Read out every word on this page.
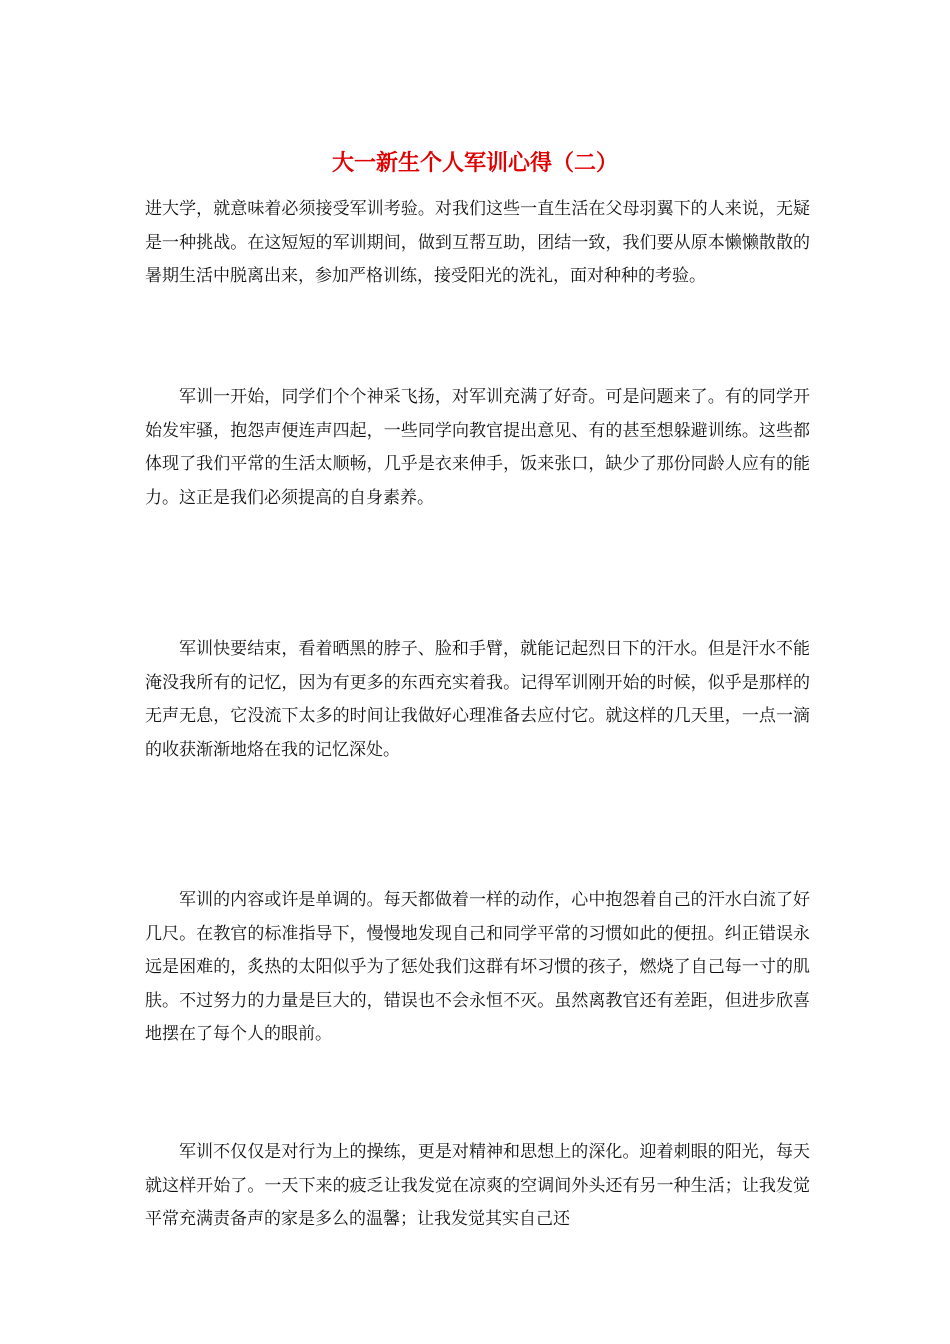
大一新生个人军训心得（二）

进大学，就意味着必须接受军训考验。对我们这些一直生活在父母羽翼下的人来说，无疑是一种挑战。在这短短的军训期间，做到互帮互助，团结一致，我们要从原本懒懒散散的暑期生活中脱离出来，参加严格训练，接受阳光的洗礼，面对种种的考验。

军训一开始，同学们个个神采飞扬，对军训充满了好奇。可是问题来了。有的同学开始发牢骚，抱怨声便连声四起，一些同学向教官提出意见、有的甚至想躲避训练。这些都体现了我们平常的生活太顺畅，几乎是衣来伸手，饭来张口，缺少了那份同龄人应有的能力。这正是我们必须提高的自身素养。

军训快要结束，看着晒黑的脖子、脸和手臂，就能记起烈日下的汗水。但是汗水不能淹没我所有的记忆，因为有更多的东西充实着我。记得军训刚开始的时候，似乎是那样的无声无息，它没流下太多的时间让我做好心理准备去应付它。就这样的几天里，一点一滴的收获渐渐地烙在我的记忆深处。

军训的内容或许是单调的。每天都做着一样的动作，心中抱怨着自己的汗水白流了好几尺。在教官的标准指导下，慢慢地发现自己和同学平常的习惯如此的便扭。纠正错误永远是困难的，炙热的太阳似乎为了惩处我们这群有坏习惯的孩子，燃烧了自己每一寸的肌肤。不过努力的力量是巨大的，错误也不会永恒不灭。虽然离教官还有差距，但进步欣喜地摆在了每个人的眼前。

军训不仅仅是对行为上的操练，更是对精神和思想上的深化。迎着刺眼的阳光，每天就这样开始了。一天下来的疲乏让我发觉在凉爽的空调间外头还有另一种生活；让我发觉平常充满责备声的家是多么的温馨；让我发觉其实自己还
